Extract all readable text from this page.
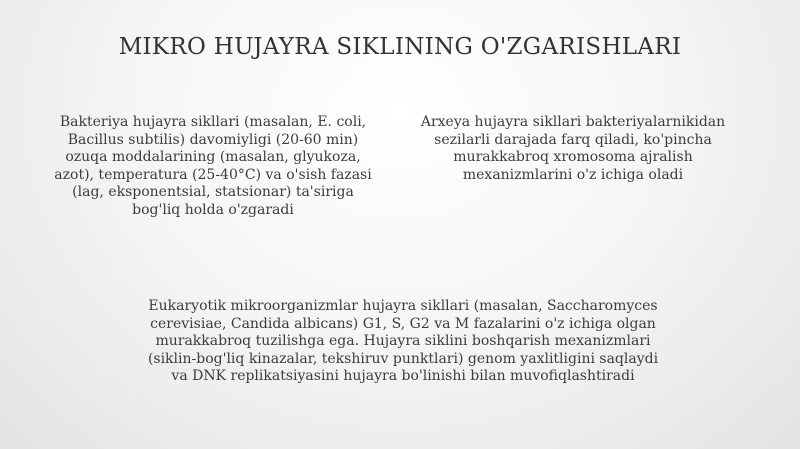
MIKRO HUJAYRA SIKLINING O'ZGARISHLARI
Bakteriya hujayra sikllari (masalan, E. coli, Bacillus subtilis) davomiyligi (20-60 min) ozuqa moddalarining (masalan, glyukoza, azot), temperatura (25-40°C) va o'sish fazasi (lag, eksponentsial, statsionar) ta'siriga bog'liq holda o'zgaradi
Arxeya hujayra sikllari bakteriyalarnikidan sezilarli darajada farq qiladi, ko'pincha murakkabroq xromosoma ajralish mexanizmlarini o'z ichiga oladi
Eukaryotik mikroorganizmlar hujayra sikllari (masalan, Saccharomyces cerevisiae, Candida albicans) G1, S, G2 va M fazalarini o'z ichiga olgan murakkabroq tuzilishga ega. Hujayra siklini boshqarish mexanizmlari (siklin-bog'liq kinazalar, tekshiruv punktlari) genom yaxlitligini saqlaydi va DNK replikatsiyasini hujayra bo'linishi bilan muvofiqlashtiradi
